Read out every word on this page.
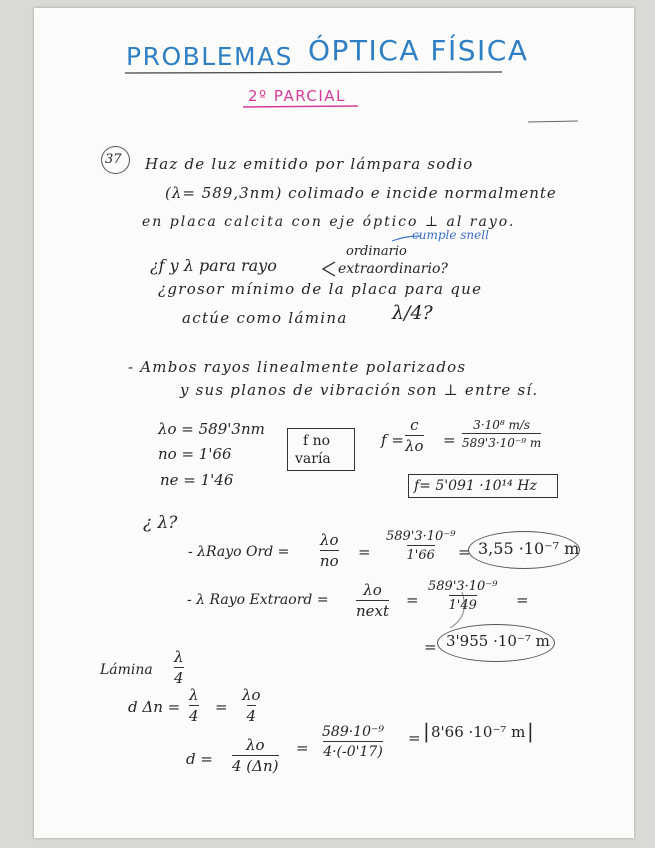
PROBLEMAS ÓPTICA FÍSICA
2º PARCIAL
37 Haz de luz emitido por lámpara sodio
(λ= 589,3nm) colimado e incide normalmente
en placa calcita con eje óptico ⊥ al rayo.
cumple snell
¿f y λ para rayo
ordinario
extraordinario?
¿grosor mínimo de la placa para que
actúe como lámina λ/4?
- Ambos rayos linealmente polarizados
y sus planos de vibración son ⊥ entre sí.
λo = 589'3nm
no = 1'66
ne = 1'46
f no
varía
$f = \frac{c}{\lambda o} = \frac{\text{3·10⁸ m/s}}{\text{589'3·10⁻⁹ m}}$
f= 5'091 ·10¹⁴ Hz
¿ λ?
- λRayo Ord = $\frac{\lambda o}{no} = \frac{\text{589'3·10⁻⁹}}{1'66}$
= 3,55 ·10⁻⁷ m
- λ Rayo Extraord =
λo
next
= $\frac{\text{589'3·10⁻⁹}}{1'49}$ =
= 3'955 ·10⁻⁷ m
Lámina $\frac{\lambda}{4}$
d $\Delta n = \frac{\lambda}{4} = \frac{\lambda o}{4}$
$d = \frac{\lambda o}{4 (\Delta n)} = \frac{\text{589·10⁻⁹}}{4\cdot(-0'17)}$ = | 8'66 ·10⁻⁷ m |
